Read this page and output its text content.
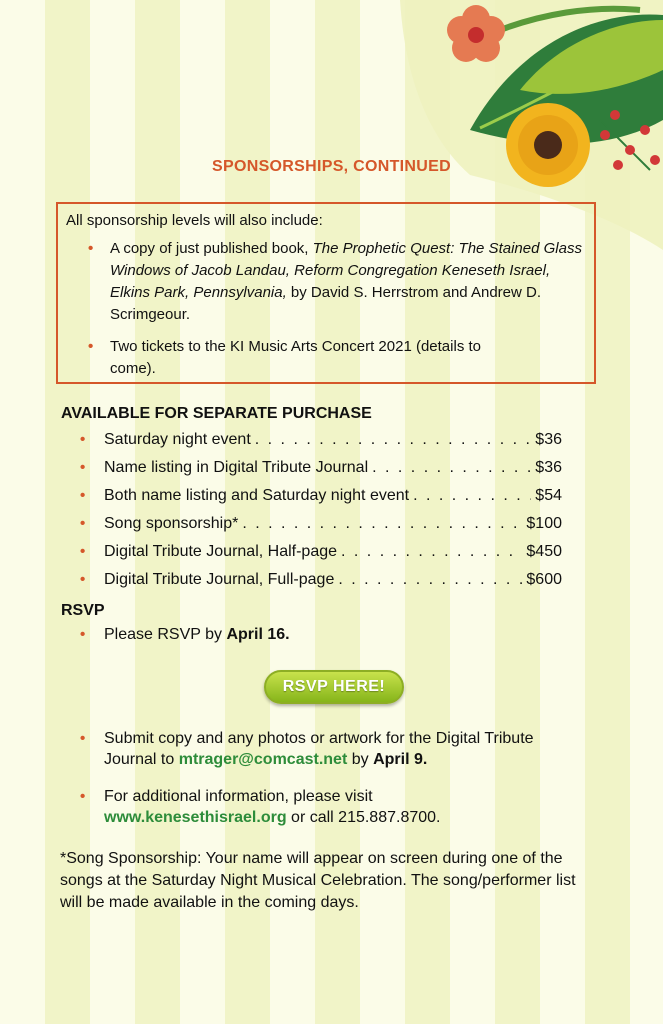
SPONSORSHIPS, CONTINUED
All sponsorship levels will also include:
• A copy of just published book, The Prophetic Quest: The Stained Glass Windows of Jacob Landau, Reform Congregation Keneseth Israel, Elkins Park, Pennsylvania, by David S. Herrstrom and Andrew D. Scrimgeour.
• Two tickets to the KI Music Arts Concert 2021 (details to come).
AVAILABLE FOR SEPARATE PURCHASE
• Saturday night event . . .	$36
• Name listing in Digital Tribute Journal . . .	$36
• Both name listing and Saturday night event . . .	$54
• Song sponsorship* . . .	$100
• Digital Tribute Journal, Half-page . . .	$450
• Digital Tribute Journal, Full-page . . .	$600
RSVP
• Please RSVP by April 16.
RSVP HERE!
• Submit copy and any photos or artwork for the Digital Tribute Journal to mtrager@comcast.net by April 9.
• For additional information, please visit www.kenesethisrael.org or call 215.887.8700.
*Song Sponsorship: Your name will appear on screen during one of the songs at the Saturday Night Musical Celebration. The song/performer list will be made available in the coming days.
